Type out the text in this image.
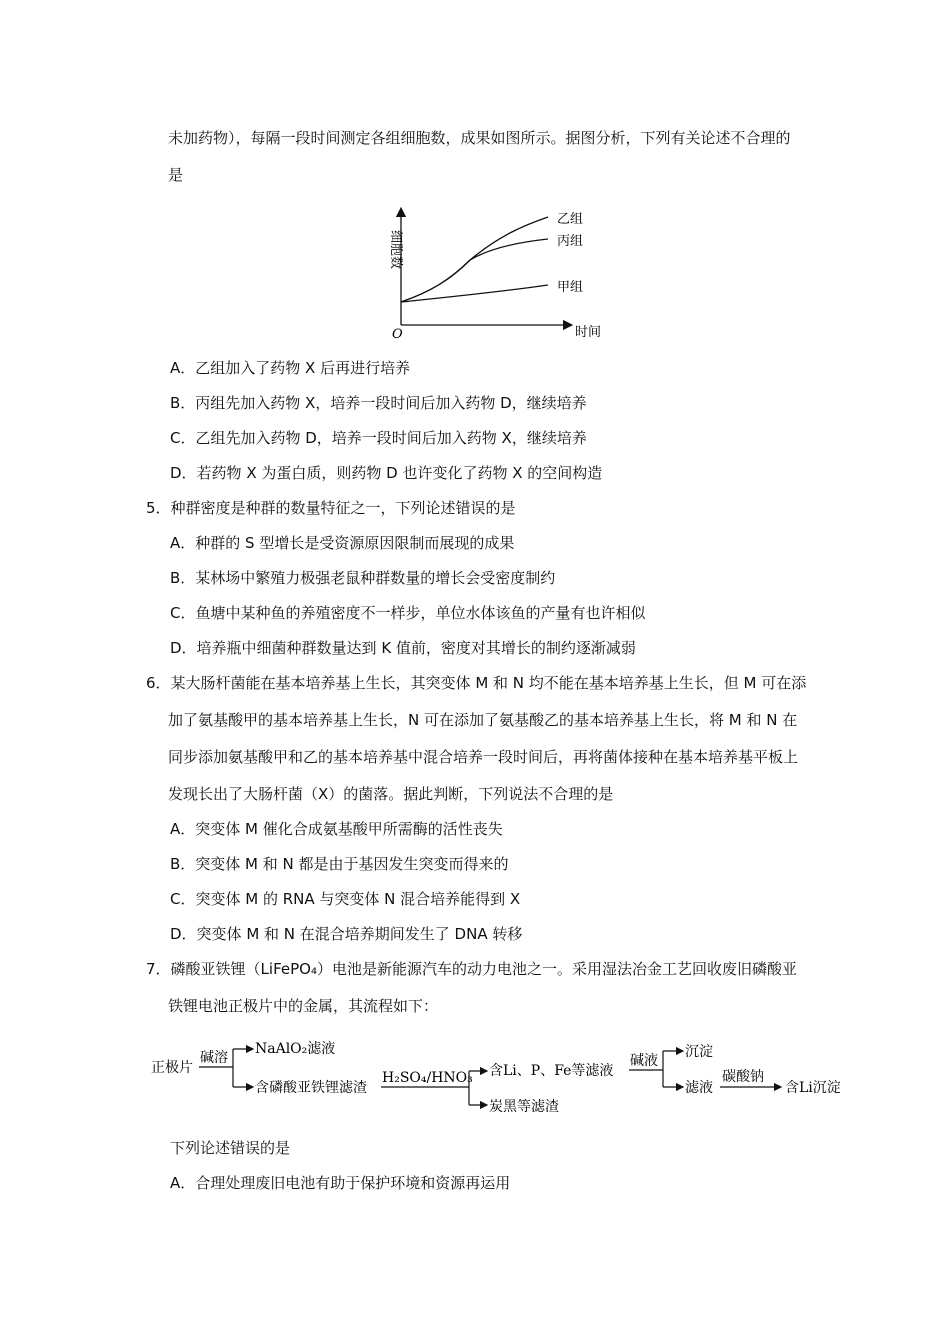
未加药物），每隔一段时间测定各组细胞数，成果如图所示。据图分析，下列有关论述不合理的
是
细胞数
O	时间
乙组
丙组
甲组
A．乙组加入了药物 X 后再进行培养
B．丙组先加入药物 X，培养一段时间后加入药物 D，继续培养
C．乙组先加入药物 D，培养一段时间后加入药物 X，继续培养
D．若药物 X 为蛋白质，则药物 D 也许变化了药物 X 的空间构造
5．种群密度是种群的数量特征之一，下列论述错误的是
A．种群的 S 型增长是受资源原因限制而展现的成果
B．某林场中繁殖力极强老鼠种群数量的增长会受密度制约
C．鱼塘中某种鱼的养殖密度不一样步，单位水体该鱼的产量有也许相似
D．培养瓶中细菌种群数量达到 K 值前，密度对其增长的制约逐渐减弱
6．某大肠杆菌能在基本培养基上生长，其突变体 M 和 N 均不能在基本培养基上生长，但 M 可在添
加了氨基酸甲的基本培养基上生长，N 可在添加了氨基酸乙的基本培养基上生长，将 M 和 N 在
同步添加氨基酸甲和乙的基本培养基中混合培养一段时间后，再将菌体接种在基本培养基平板上
发现长出了大肠杆菌（X）的菌落。据此判断，下列说法不合理的是
A．突变体 M 催化合成氨基酸甲所需酶的活性丧失
B．突变体 M 和 N 都是由于基因发生突变而得来的
C．突变体 M 的 RNA 与突变体 N 混合培养能得到 X
D．突变体 M 和 N 在混合培养期间发生了 DNA 转移
7．磷酸亚铁锂（LiFePO₄）电池是新能源汽车的动力电池之一。采用湿法冶金工艺回收废旧磷酸亚
铁锂电池正极片中的金属，其流程如下：
正极片
碱溶
NaAlO₂滤液
含磷酸亚铁锂滤渣
H₂SO₄/HNO₃ 含Li、P、Fe等滤液
炭黑等滤渣
碱液
沉淀
滤液
碳酸钠
含Li沉淀
下列论述错误的是
A．合理处理废旧电池有助于保护环境和资源再运用
